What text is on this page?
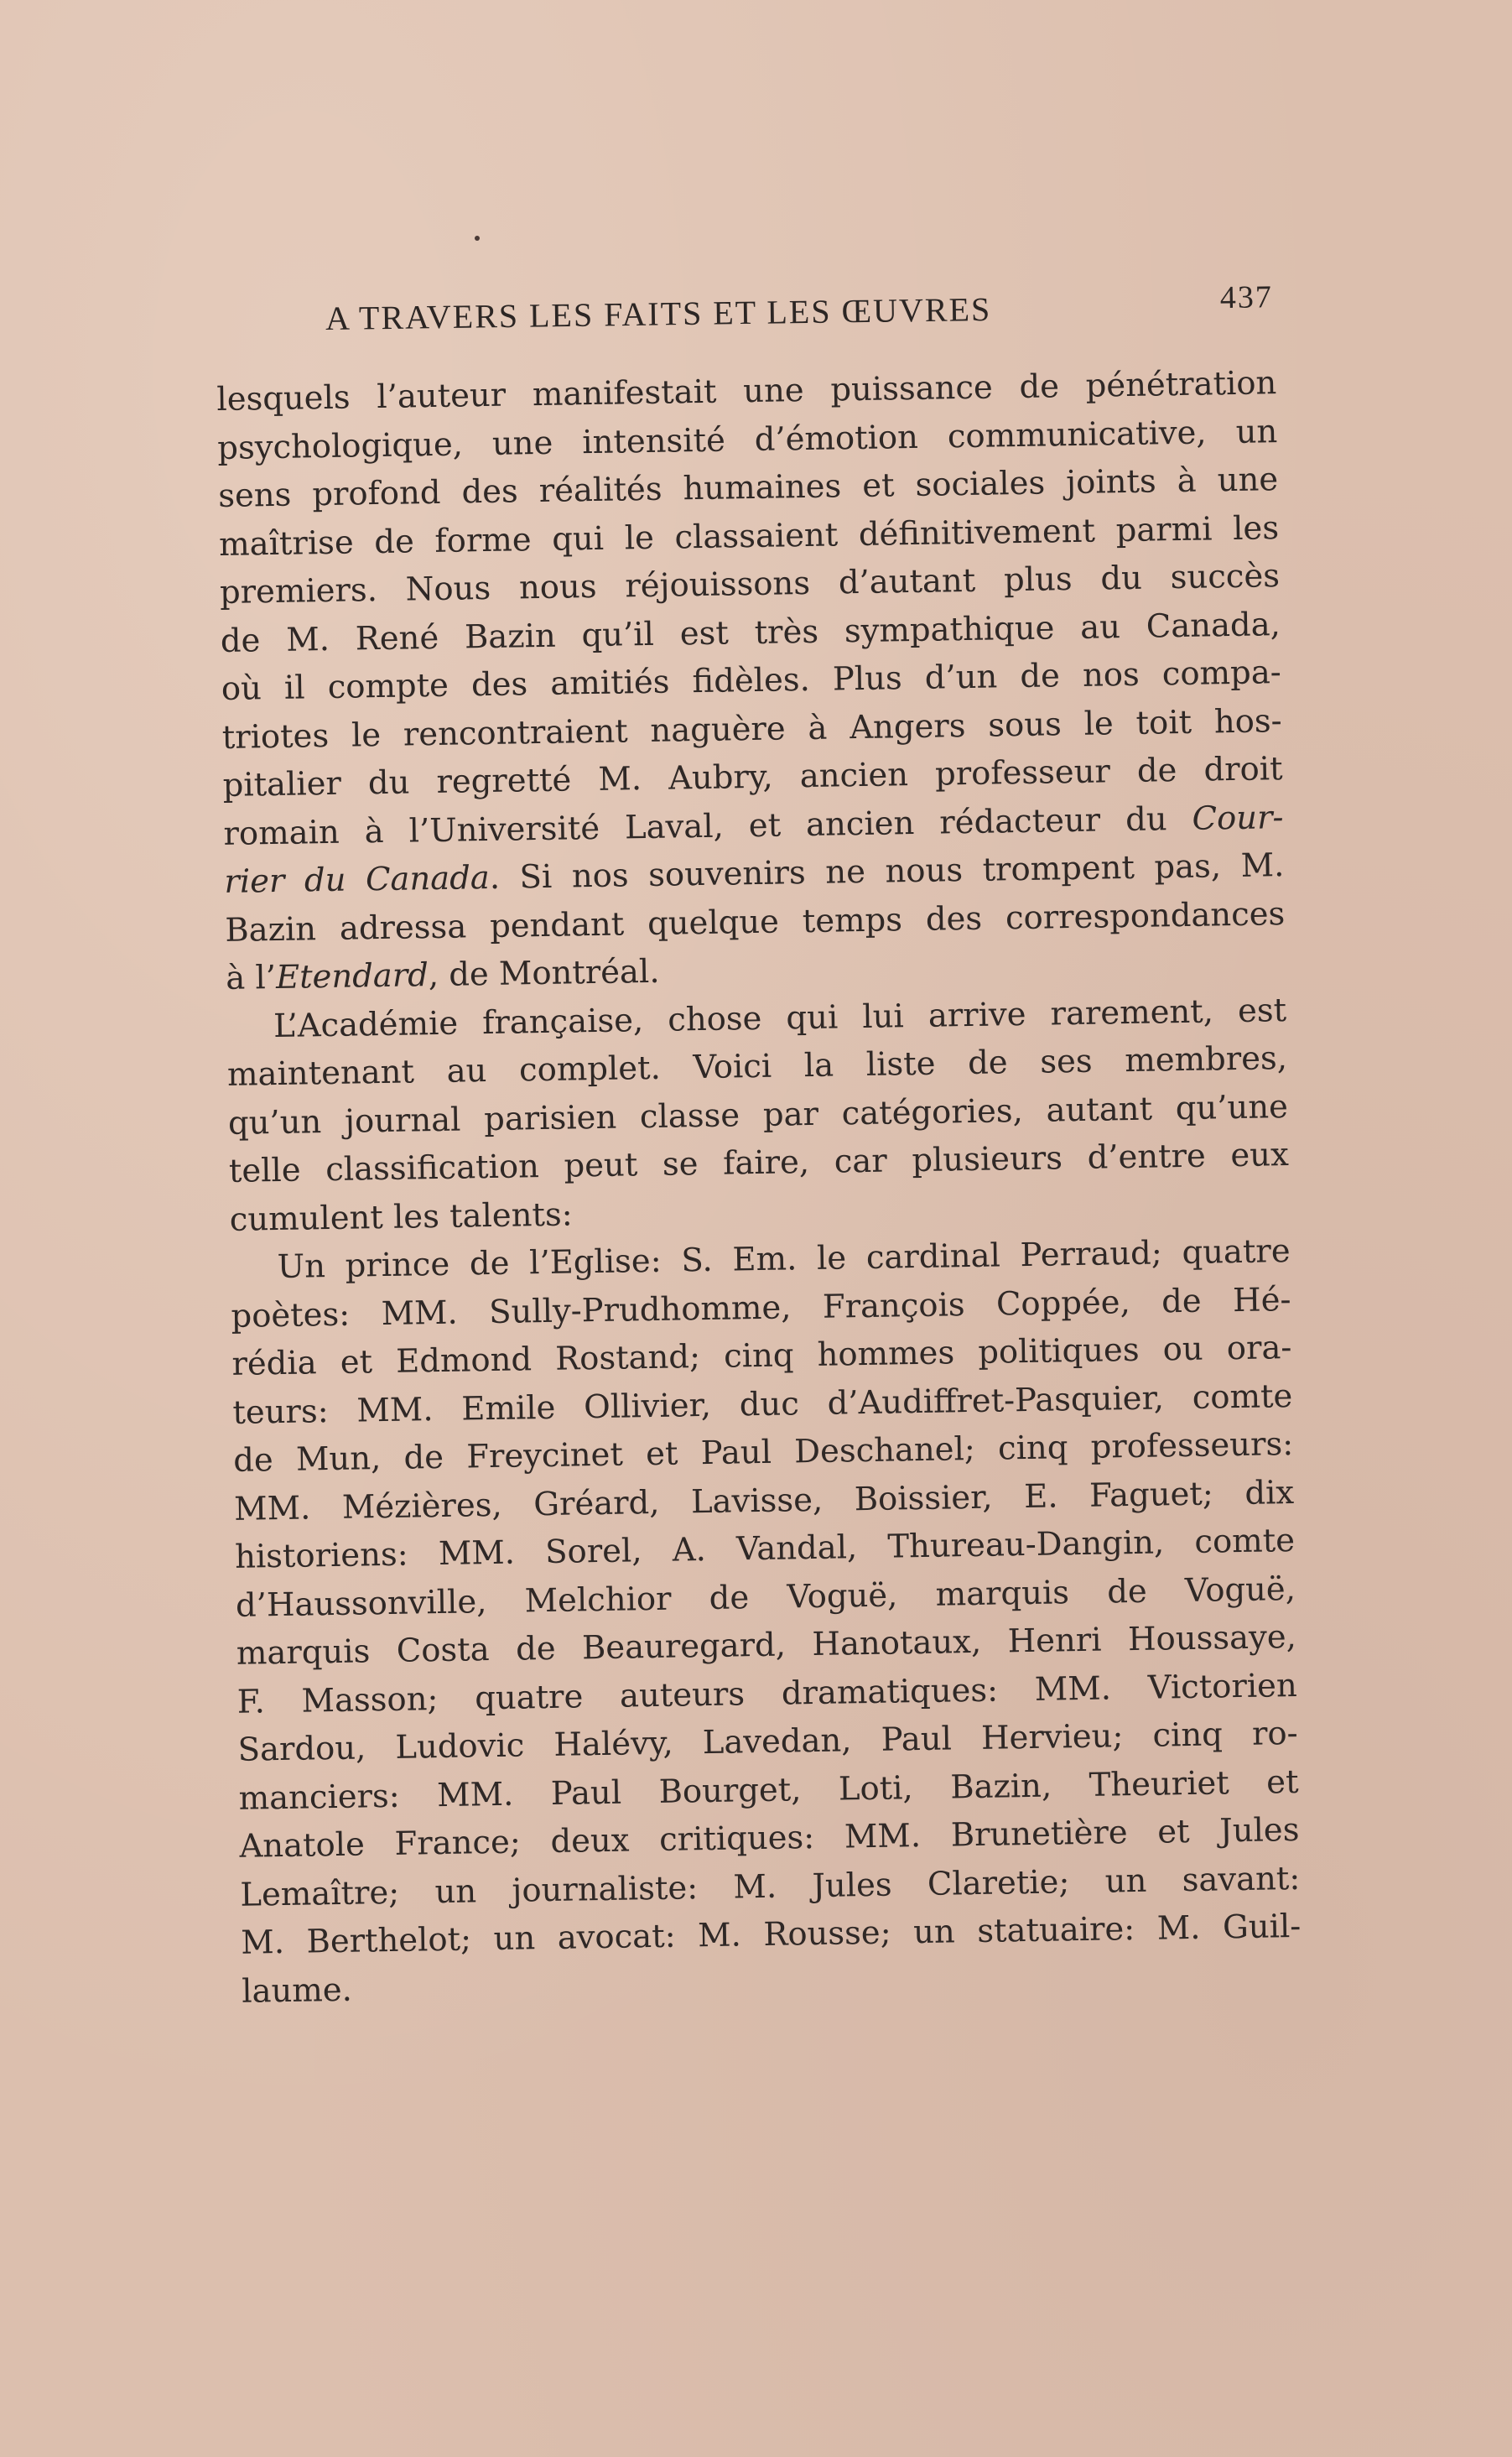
A TRAVERS LES FAITS ET LES ŒUVRES	437
lesquels l’auteur manifestait une puissance de pénétration
psychologique, une intensité d’émotion communicative, un
sens profond des réalités humaines et sociales joints à une
maîtrise de forme qui le classaient définitivement parmi les
premiers. Nous nous réjouissons d’autant plus du succès
de M. René Bazin qu’il est très sympathique au Canada,
où il compte des amitiés fidèles. Plus d’un de nos compa-
triotes le rencontraient naguère à Angers sous le toit hos-
pitalier du regretté M. Aubry, ancien professeur de droit
romain à l’Université Laval, et ancien rédacteur du Cour-
rier du Canada. Si nos souvenirs ne nous trompent pas, M.
Bazin adressa pendant quelque temps des correspondances
à l’Etendard, de Montréal.
L’Académie française, chose qui lui arrive rarement, est
maintenant au complet. Voici la liste de ses membres,
qu’un journal parisien classe par catégories, autant qu’une
telle classification peut se faire, car plusieurs d’entre eux
cumulent les talents:
Un prince de l’Eglise: S. Em. le cardinal Perraud; quatre
poètes: MM. Sully-Prudhomme, François Coppée, de Hé-
rédia et Edmond Rostand; cinq hommes politiques ou ora-
teurs: MM. Emile Ollivier, duc d’Audiffret-Pasquier, comte
de Mun, de Freycinet et Paul Deschanel; cinq professeurs:
MM. Mézières, Gréard, Lavisse, Boissier, E. Faguet; dix
historiens: MM. Sorel, A. Vandal, Thureau-Dangin, comte
d’Haussonville, Melchior de Voguë, marquis de Voguë,
marquis Costa de Beauregard, Hanotaux, Henri Houssaye,
F. Masson; quatre auteurs dramatiques: MM. Victorien
Sardou, Ludovic Halévy, Lavedan, Paul Hervieu; cinq ro-
manciers: MM. Paul Bourget, Loti, Bazin, Theuriet et
Anatole France; deux critiques: MM. Brunetière et Jules
Lemaître; un journaliste: M. Jules Claretie; un savant:
M. Berthelot; un avocat: M. Rousse; un statuaire: M. Guil-
laume.
